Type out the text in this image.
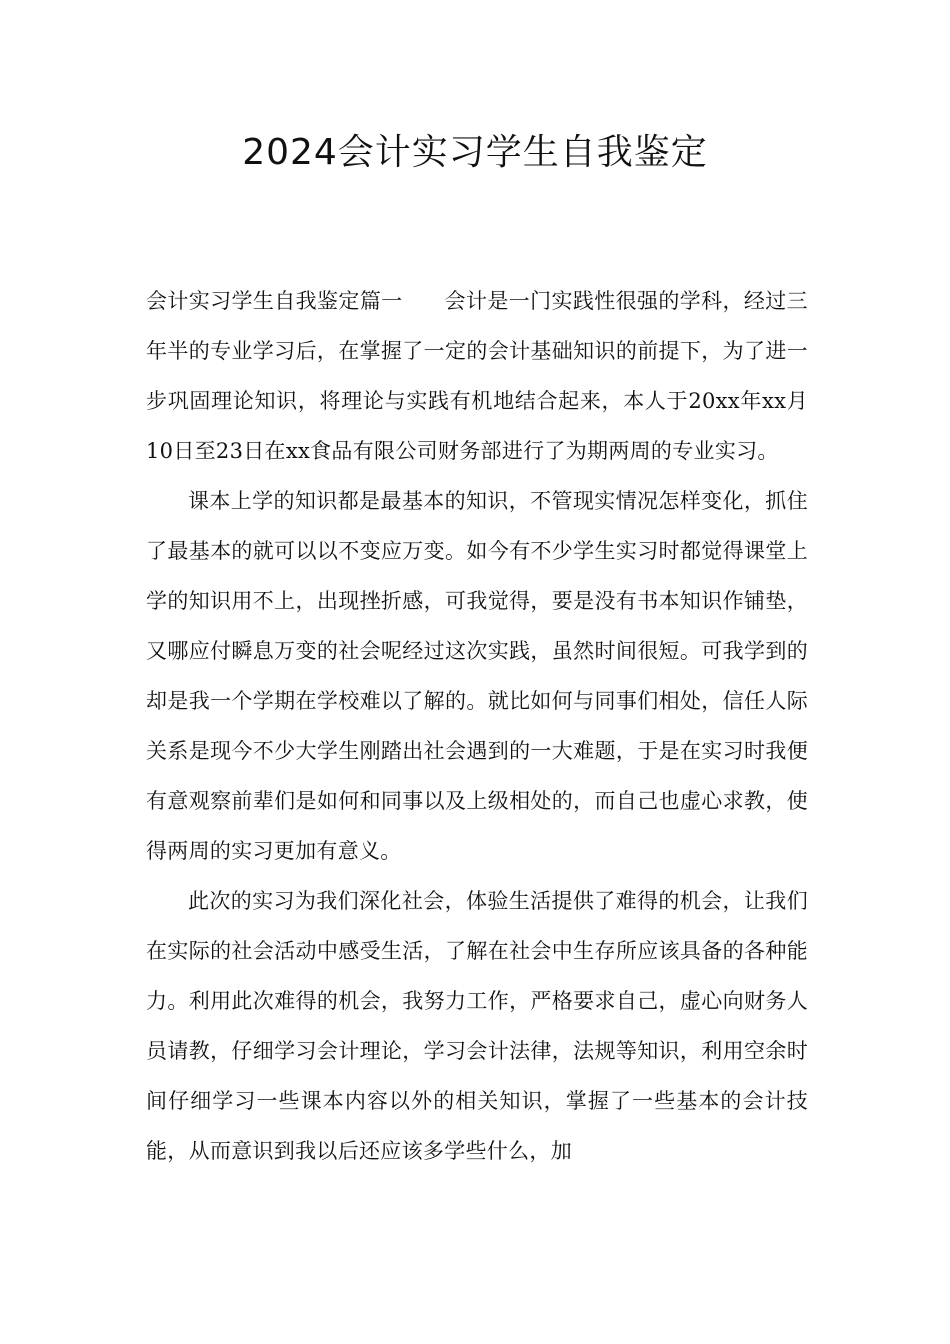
2024会计实习学生自我鉴定

会计实习学生自我鉴定篇一 会计是一门实践性很强的学科，经过三年半的专业学习后，在掌握了一定的会计基础知识的前提下，为了进一步巩固理论知识，将理论与实践有机地结合起来，本人于20xx年xx月10日至23日在xx食品有限公司财务部进行了为期两周的专业实习。

课本上学的知识都是最基本的知识，不管现实情况怎样变化，抓住了最基本的就可以以不变应万变。如今有不少学生实习时都觉得课堂上学的知识用不上，出现挫折感，可我觉得，要是没有书本知识作铺垫，又哪应付瞬息万变的社会呢经过这次实践，虽然时间很短。可我学到的却是我一个学期在学校难以了解的。就比如何与同事们相处，信任人际关系是现今不少大学生刚踏出社会遇到的一大难题，于是在实习时我便有意观察前辈们是如何和同事以及上级相处的，而自己也虚心求教，使得两周的实习更加有意义。

此次的实习为我们深化社会，体验生活提供了难得的机会，让我们在实际的社会活动中感受生活，了解在社会中生存所应该具备的各种能力。利用此次难得的机会，我努力工作，严格要求自己，虚心向财务人员请教，仔细学习会计理论，学习会计法律，法规等知识，利用空余时间仔细学习一些课本内容以外的相关知识，掌握了一些基本的会计技能，从而意识到我以后还应该多学些什么，加
